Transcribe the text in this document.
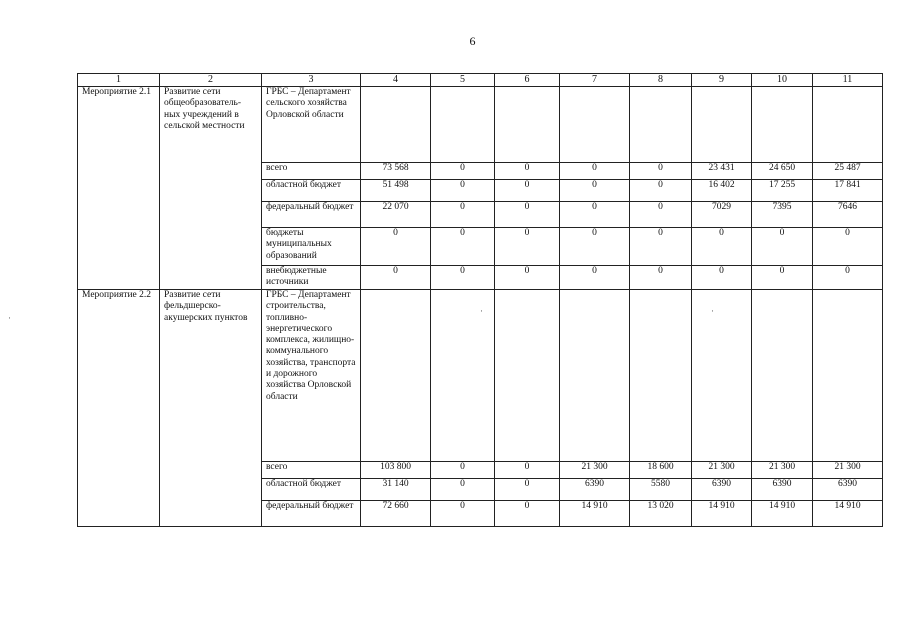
6
1	2	3	4	5	6	7	8	9	10	11
Мероприятие 2.1	Развитие сети общеобразователь-ных учреждений в сельской местности	ГРБС – Департамент сельского хозяйства Орловской области								
		всего	73 568	0	0	0	0	23 431	24 650	25 487
		областной бюджет	51 498	0	0	0	0	16 402	17 255	17 841
		федеральный бюджет	22 070	0	0	0	0	7029	7395	7646
		бюджеты муниципальных образований	0	0	0	0	0	0	0	0
		внебюджетные источники	0	0	0	0	0	0	0	0
Мероприятие 2.2	Развитие сети фельдшерско-акушерских пунктов	ГРБС – Департамент строительства, топливно-энергетического комплекса, жилищно-коммунального хозяйства, транспорта и дорожного хозяйства Орловской области								
		всего	103 800	0	0	21 300	18 600	21 300	21 300	21 300
		областной бюджет	31 140	0	0	6390	5580	6390	6390	6390
		федеральный бюджет	72 660	0	0	14 910	13 020	14 910	14 910	14 910
·
·	·
